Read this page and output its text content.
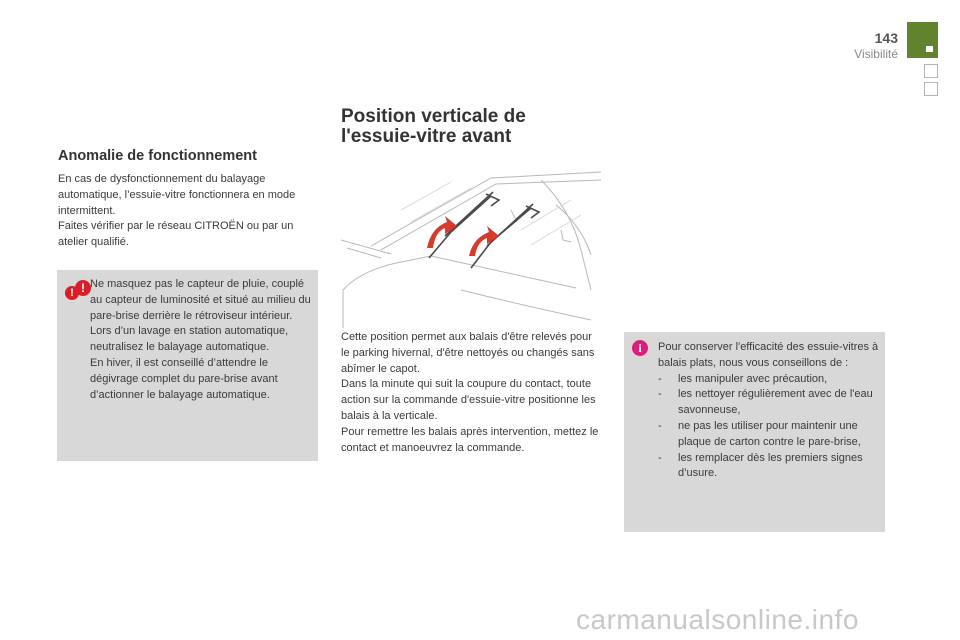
143
Visibilité
Anomalie de fonctionnement

En cas de dysfonctionnement du balayage automatique, l’essuie-vitre fonctionnera en mode intermittent.

Faites vérifier par le réseau CITROËN ou par un atelier qualifié.

!
!

Ne masquez pas le capteur de pluie, couplé au capteur de luminosité et situé au milieu du pare-brise derrière le rétroviseur intérieur.

Lors d’un lavage en station automatique, neutralisez le balayage automatique.

En hiver, il est conseillé d’attendre le dégivrage complet du pare-brise avant d’actionner le balayage automatique.

Position verticale de l'essuie-vitre avant

Cette position permet aux balais d'être relevés pour le parking hivernal, d'être nettoyés ou changés sans abîmer le capot.

Dans la minute qui suit la coupure du contact, toute action sur la commande d'essuie-vitre positionne les balais à la verticale.

Pour remettre les balais après intervention, mettez le contact et manoeuvrez la commande.

i	Pour conserver l'efficacité des essuie-vitres à balais plats, nous vous conseillons de :

- les manipuler avec précaution,
- les nettoyer régulièrement avec de l'eau savonneuse,
- ne pas les utiliser pour maintenir une plaque de carton contre le pare-brise,
- les remplacer dès les premiers signes d’usure.
carmanualsonline.info
